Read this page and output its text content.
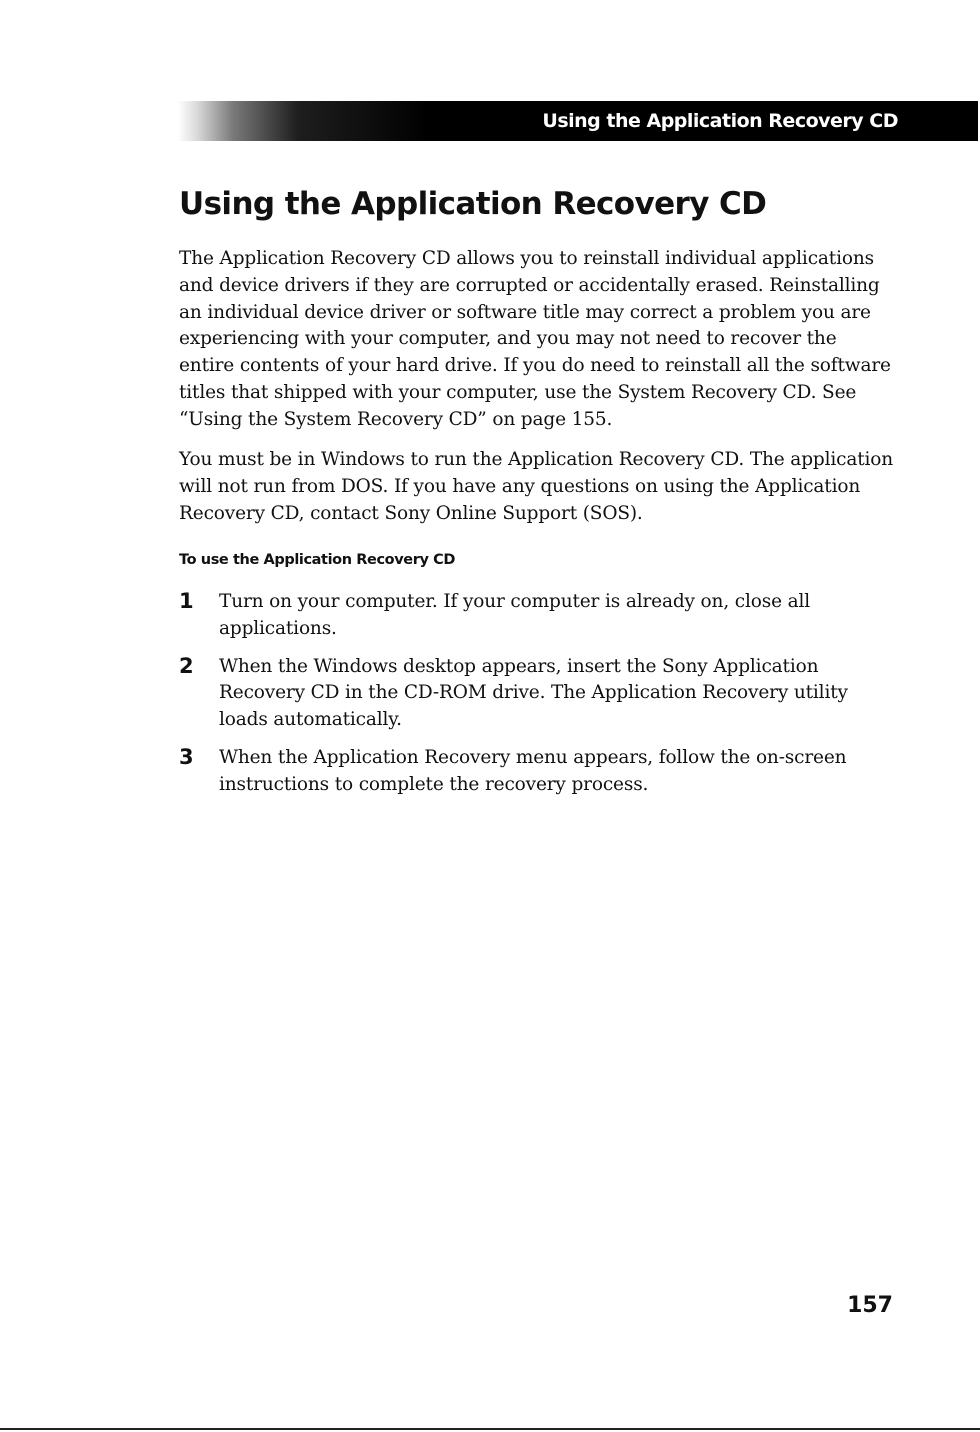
Using the Application Recovery CD
Using the Application Recovery CD

The Application Recovery CD allows you to reinstall individual applications and device drivers if they are corrupted or accidentally erased. Reinstalling an individual device driver or software title may correct a problem you are experiencing with your computer, and you may not need to recover the entire contents of your hard drive. If you do need to reinstall all the software titles that shipped with your computer, use the System Recovery CD. See “Using the System Recovery CD” on page 155.

You must be in Windows to run the Application Recovery CD. The application will not run from DOS. If you have any questions on using the Application Recovery CD, contact Sony Online Support (SOS).

To use the Application Recovery CD
1 Turn on your computer. If your computer is already on, close all applications.
2 When the Windows desktop appears, insert the Sony Application Recovery CD in the CD-ROM drive. The Application Recovery utility loads automatically.
3 When the Application Recovery menu appears, follow the on-screen instructions to complete the recovery process.
157
